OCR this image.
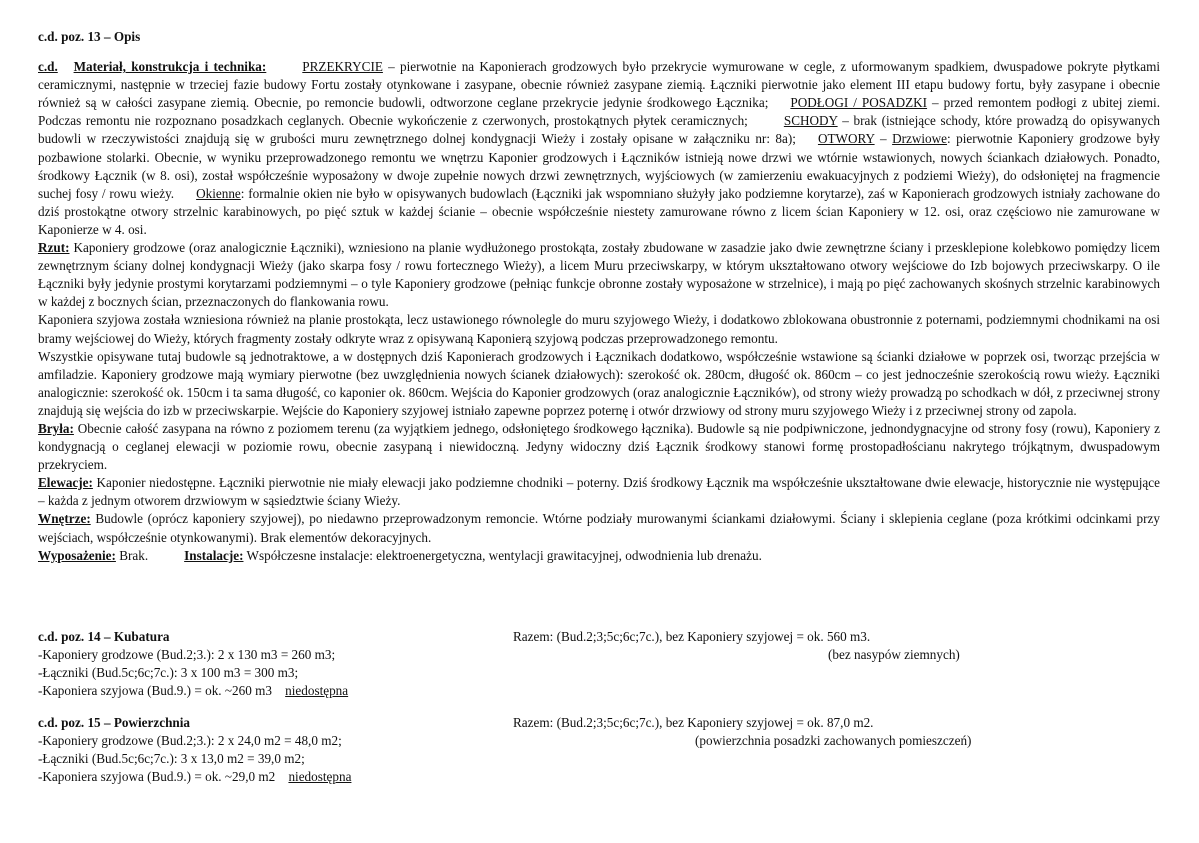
c.d. poz. 13 – Opis

c.d. Materiał, konstrukcja i technika:	PRZEKRYCIE – pierwotnie na Kaponierach grodzowych było przekrycie wymurowane w cegle, z uformowanym spadkiem, dwuspadowe pokryte płytkami ceramicznymi, następnie w trzeciej fazie budowy Fortu zostały otynkowane i zasypane, obecnie również zasypane ziemią. Łączniki pierwotnie jako element III etapu budowy fortu, były zasypane i obecnie również są w całości zasypane ziemią. Obecnie, po remoncie budowli, odtworzone ceglane przekrycie jedynie środkowego Łącznika; PODŁOGI / POSADZKI – przed remontem podłogi z ubitej ziemi. Podczas remontu nie rozpoznano posadzkach ceglanych. Obecnie wykończenie z czerwonych, prostokątnych płytek ceramicznych;	SCHODY – brak (istniejące schody, które prowadzą do opisywanych budowli w rzeczywistości znajdują się w grubości muru zewnętrznego dolnej kondygnacji Wieży i zostały opisane w załączniku nr: 8a); OTWORY – Drzwiowe: pierwotnie Kaponiery grodzowe były pozbawione stolarki. Obecnie, w wyniku przeprowadzonego remontu we wnętrzu Kaponier grodzowych i Łączników istnieją nowe drzwi we wtórnie wstawionych, nowych ściankach działowych. Ponadto, środkowy Łącznik (w 8. osi), został współcześnie wyposażony w dwoje zupełnie nowych drzwi zewnętrznych, wyjściowych (w zamierzeniu ewakuacyjnych z podziemi Wieży), do odsłoniętej na fragmencie suchej fosy / rowu wieży. Okienne: formalnie okien nie było w opisywanych budowlach (Łączniki jak wspomniano służyły jako podziemne korytarze), zaś w Kaponierach grodzowych istniały zachowane do dziś prostokątne otwory strzelnic karabinowych, po pięć sztuk w każdej ścianie – obecnie współcześnie niestety zamurowane równo z licem ścian Kaponiery w 12. osi, oraz częściowo nie zamurowane w Kaponierze w 4. osi.

Rzut: Kaponiery grodzowe (oraz analogicznie Łączniki), wzniesiono na planie wydłużonego prostokąta, zostały zbudowane w zasadzie jako dwie zewnętrzne ściany i przesklepione kolebkowo pomiędzy licem zewnętrznym ściany dolnej kondygnacji Wieży (jako skarpa fosy / rowu fortecznego Wieży), a licem Muru przeciwskarpy, w którym ukształtowano otwory wejściowe do Izb bojowych przeciwskarpy. O ile Łączniki były jedynie prostymi korytarzami podziemnymi – o tyle Kaponiery grodzowe (pełniąc funkcje obronne zostały wyposażone w strzelnice), i mają po pięć zachowanych skośnych strzelnic karabinowych w każdej z bocznych ścian, przeznaczonych do flankowania rowu.

Kaponiera szyjowa została wzniesiona również na planie prostokąta, lecz ustawionego równolegle do muru szyjowego Wieży, i dodatkowo zblokowana obustronnie z poternami, podziemnymi chodnikami na osi bramy wejściowej do Wieży, których fragmenty zostały odkryte wraz z opisywaną Kaponierą szyjową podczas przeprowadzonego remontu.

Wszystkie opisywane tutaj budowle są jednotraktowe, a w dostępnych dziś Kaponierach grodzowych i Łącznikach dodatkowo, współcześnie wstawione są ścianki działowe w poprzek osi, tworząc przejścia w amfiladzie. Kaponiery grodzowe mają wymiary pierwotne (bez uwzględnienia nowych ścianek działowych): szerokość ok. 280cm, długość ok. 860cm – co jest jednocześnie szerokością rowu wieży. Łączniki analogicznie: szerokość ok. 150cm i ta sama długość, co kaponier ok. 860cm. Wejścia do Kaponier grodzowych (oraz analogicznie Łączników), od strony wieży prowadzą po schodkach w dół, z przeciwnej strony znajdują się wejścia do izb w przeciwskarpie. Wejście do Kaponiery szyjowej istniało zapewne poprzez poternę i otwór drzwiowy od strony muru szyjowego Wieży i z przeciwnej strony od zapola.

Bryła: Obecnie całość zasypana na równo z poziomem terenu (za wyjątkiem jednego, odsłoniętego środkowego łącznika). Budowle są nie podpiwniczone, jednondygnacyjne od strony fosy (rowu), Kaponiery z kondygnacją o ceglanej elewacji w poziomie rowu, obecnie zasypaną i niewidoczną. Jedyny widoczny dziś Łącznik środkowy stanowi formę prostopadłościanu nakrytego trójkątnym, dwuspadowym przekryciem.

Elewacje: Kaponier niedostępne. Łączniki pierwotnie nie miały elewacji jako podziemne chodniki – poterny. Dziś środkowy Łącznik ma współcześnie ukształtowane dwie elewacje, historycznie nie występujące – każda z jednym otworem drzwiowym w sąsiedztwie ściany Wieży.

Wnętrze: Budowle (oprócz kaponiery szyjowej), po niedawno przeprowadzonym remoncie. Wtórne podziały murowanymi ściankami działowymi. Ściany i sklepienia ceglane (poza krótkimi odcinkami przy wejściach, współcześnie otynkowanymi). Brak elementów dekoracyjnych.

Wyposażenie: Brak.	Instalacje: Współczesne instalacje: elektroenergetyczna, wentylacji grawitacyjnej, odwodnienia lub drenażu.

c.d. poz. 14 – Kubatura
-Kaponiery grodzowe (Bud.2;3.): 2 x 130 m3 = 260 m3;
-Łączniki (Bud.5c;6c;7c.): 3 x 100 m3 = 300 m3;
-Kaponiera szyjowa (Bud.9.) = ok. ~260 m3 niedostępna
Razem: (Bud.2;3;5c;6c;7c.), bez Kaponiery szyjowej = ok. 560 m3.
(bez nasypów ziemnych)
c.d. poz. 15 – Powierzchnia
-Kaponiery grodzowe (Bud.2;3.): 2 x 24,0 m2 = 48,0 m2;
-Łączniki (Bud.5c;6c;7c.): 3 x 13,0 m2 = 39,0 m2;
-Kaponiera szyjowa (Bud.9.) = ok. ~29,0 m2 niedostępna
Razem: (Bud.2;3;5c;6c;7c.), bez Kaponiery szyjowej = ok. 87,0 m2.
(powierzchnia posadzki zachowanych pomieszczeń)
